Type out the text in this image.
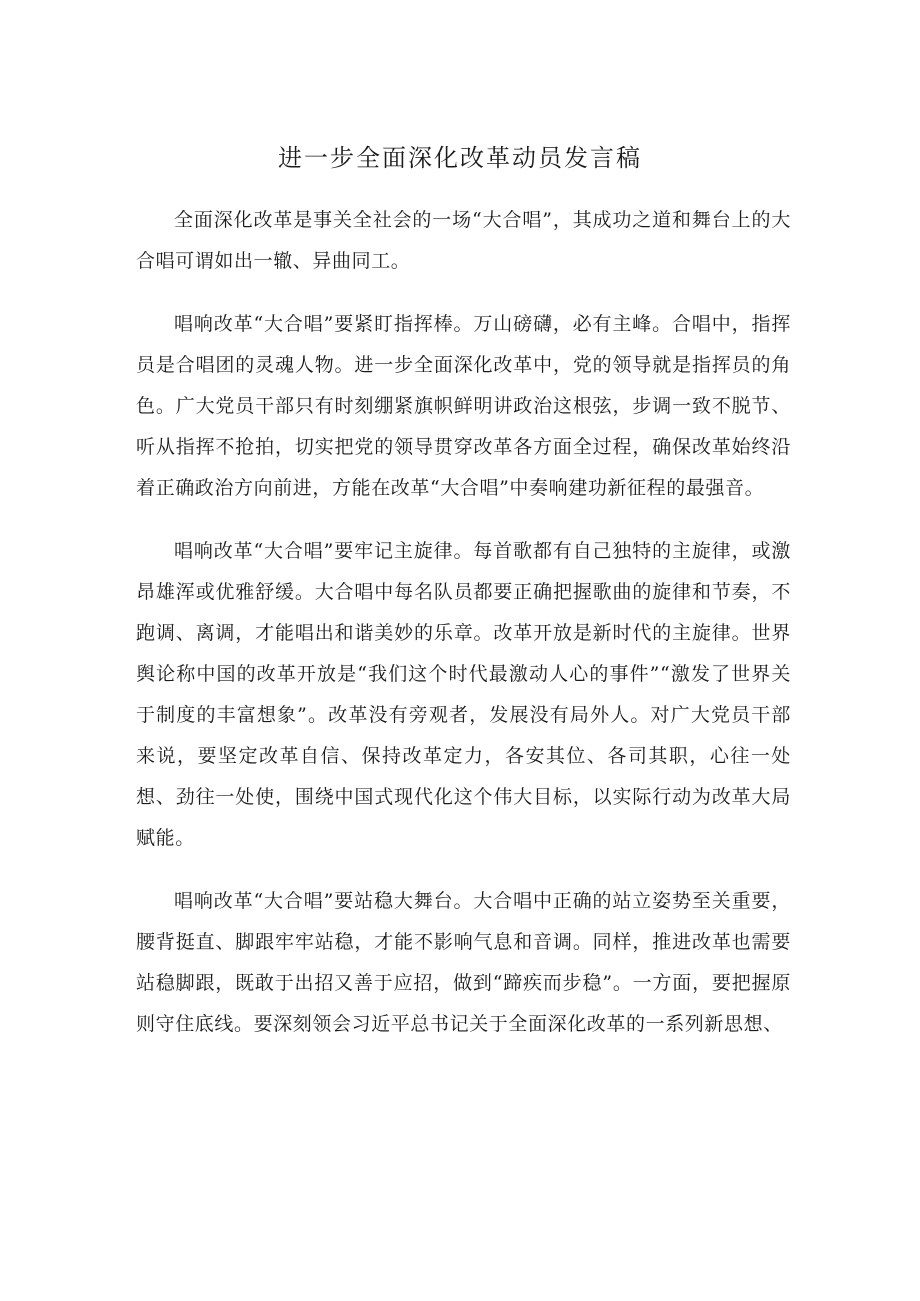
进一步全面深化改革动员发言稿

全面深化改革是事关全社会的一场“大合唱”，其成功之道和舞台上的大合唱可谓如出一辙、异曲同工。

唱响改革“大合唱”要紧盯指挥棒。万山磅礴，必有主峰。合唱中，指挥员是合唱团的灵魂人物。进一步全面深化改革中，党的领导就是指挥员的角色。广大党员干部只有时刻绷紧旗帜鲜明讲政治这根弦，步调一致不脱节、听从指挥不抢拍，切实把党的领导贯穿改革各方面全过程，确保改革始终沿着正确政治方向前进，方能在改革“大合唱”中奏响建功新征程的最强音。

唱响改革“大合唱”要牢记主旋律。每首歌都有自己独特的主旋律，或激昂雄浑或优雅舒缓。大合唱中每名队员都要正确把握歌曲的旋律和节奏，不跑调、离调，才能唱出和谐美妙的乐章。改革开放是新时代的主旋律。世界舆论称中国的改革开放是“我们这个时代最激动人心的事件”“激发了世界关于制度的丰富想象”。改革没有旁观者，发展没有局外人。对广大党员干部来说，要坚定改革自信、保持改革定力，各安其位、各司其职，心往一处想、劲往一处使，围绕中国式现代化这个伟大目标，以实际行动为改革大局赋能。

唱响改革“大合唱”要站稳大舞台。大合唱中正确的站立姿势至关重要，腰背挺直、脚跟牢牢站稳，才能不影响气息和音调。同样，推进改革也需要站稳脚跟，既敢于出招又善于应招，做到“蹄疾而步稳”。一方面，要把握原则守住底线。要深刻领会习近平总书记关于全面深化改革的一系列新思想、
